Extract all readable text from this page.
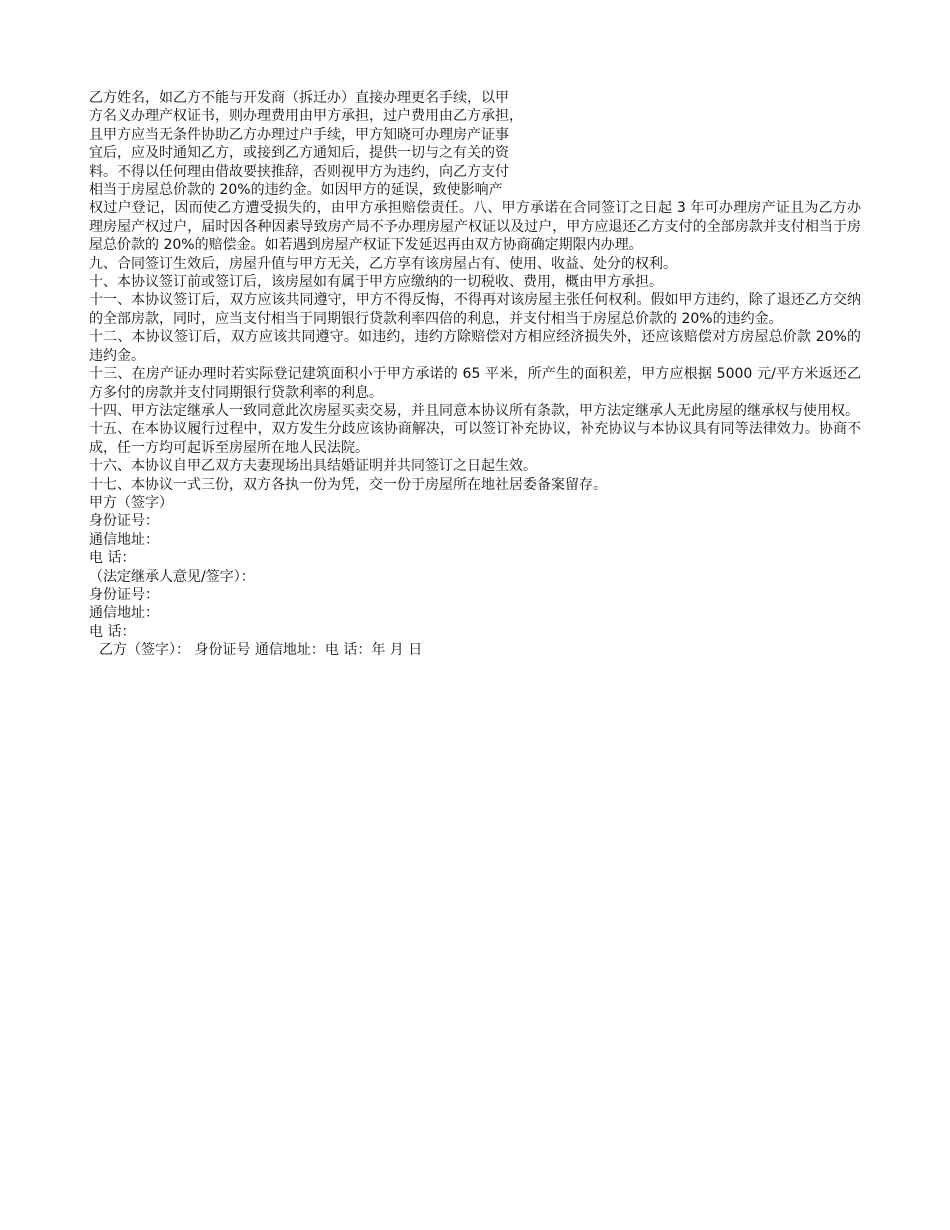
乙方姓名，如乙方不能与开发商（拆迁办）直接办理更名手续，以甲
方名义办理产权证书，则办理费用由甲方承担，过户费用由乙方承担，
且甲方应当无条件协助乙方办理过户手续，甲方知晓可办理房产证事
宜后，应及时通知乙方，或接到乙方通知后，提供一切与之有关的资
料。不得以任何理由借故要挟推辞，否则视甲方为违约，向乙方支付
相当于房屋总价款的 20%的违约金。如因甲方的延误，致使影响产
权过户登记，因而使乙方遭受损失的，由甲方承担赔偿责任。八、甲方承诺在合同签订之日起 3 年可办理房产证且为乙方办理房屋产权过户，届时因各种因素导致房产局不予办理房屋产权证以及过户，甲方应退还乙方支付的全部房款并支付相当于房屋总价款的 20%的赔偿金。如若遇到房屋产权证下发延迟再由双方协商确定期限内办理。
九、合同签订生效后，房屋升值与甲方无关，乙方享有该房屋占有、使用、收益、处分的权利。
十、本协议签订前或签订后，该房屋如有属于甲方应缴纳的一切税收、费用，概由甲方承担。
十一、本协议签订后，双方应该共同遵守，甲方不得反悔，不得再对该房屋主张任何权利。假如甲方违约，除了退还乙方交纳的全部房款，同时，应当支付相当于同期银行贷款利率四倍的利息，并支付相当于房屋总价款的 20%的违约金。
十二、本协议签订后，双方应该共同遵守。如违约，违约方除赔偿对方相应经济损失外，还应该赔偿对方房屋总价款 20%的违约金。
十三、在房产证办理时若实际登记建筑面积小于甲方承诺的 65 平米，所产生的面积差，甲方应根据 5000 元/平方米返还乙方多付的房款并支付同期银行贷款利率的利息。
十四、甲方法定继承人一致同意此次房屋买卖交易，并且同意本协议所有条款，甲方法定继承人无此房屋的继承权与使用权。
十五、在本协议履行过程中，双方发生分歧应该协商解决，可以签订补充协议，补充协议与本协议具有同等法律效力。协商不成，任一方均可起诉至房屋所在地人民法院。
十六、本协议自甲乙双方夫妻现场出具结婚证明并共同签订之日起生效。
十七、本协议一式三份，双方各执一份为凭，交一份于房屋所在地社居委备案留存。
甲方（签字）
身份证号：
通信地址：
电 话：
（法定继承人意见/签字）：
身份证号：
通信地址：
电 话：
乙方（签字）： 身份证号 通信地址：电 话：年 月 日
